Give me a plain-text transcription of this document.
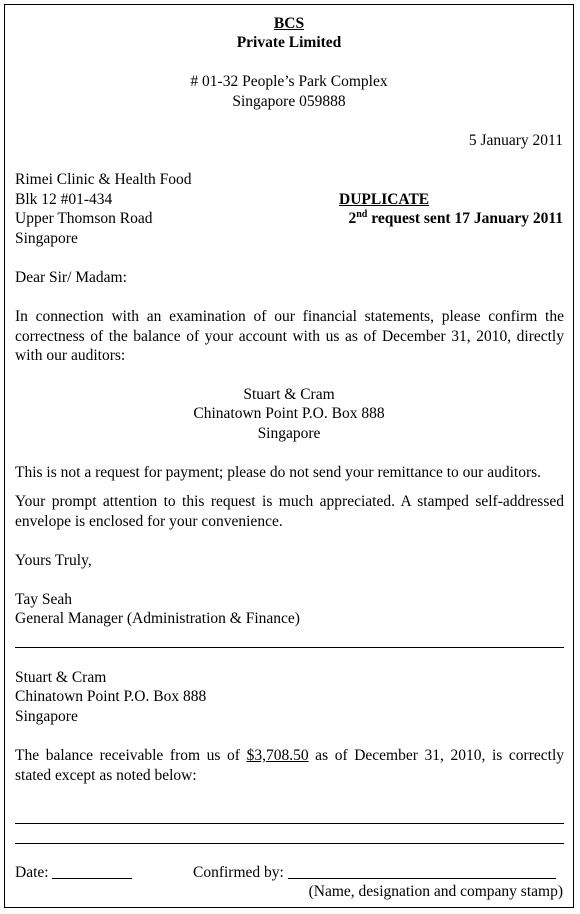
BCS
Private Limited
# 01-32 People’s Park Complex
Singapore 059888
5 January 2011
Rimei Clinic & Health Food
Blk 12 #01-434
Upper Thomson Road
Singapore
DUPLICATE
2nd request sent 17 January 2011
Dear Sir/ Madam:
In connection with an examination of our financial statements, please confirm the correctness of the balance of your account with us as of December 31, 2010, directly with our auditors:
Stuart & Cram
Chinatown Point P.O. Box 888
Singapore
This is not a request for payment; please do not send your remittance to our auditors.
Your prompt attention to this request is much appreciated. A stamped self-addressed envelope is enclosed for your convenience.
Yours Truly,
Tay Seah
General Manager (Administration & Finance)
Stuart & Cram
Chinatown Point P.O. Box 888
Singapore
The balance receivable from us of $3,708.50 as of December 31, 2010, is correctly stated except as noted below:
Date:	Confirmed by:
(Name, designation and company stamp)
